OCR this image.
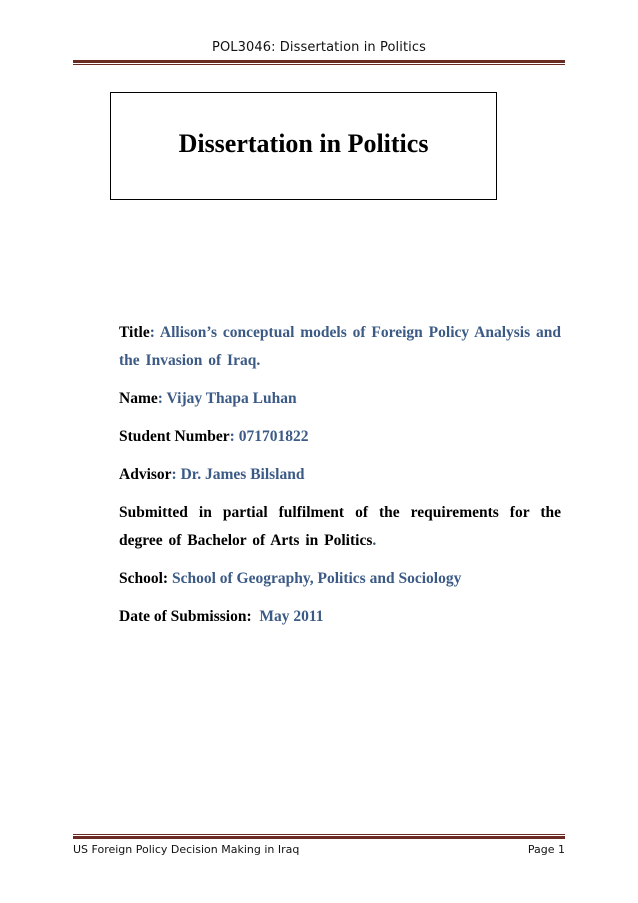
POL3046: Dissertation in Politics
Dissertation in Politics

Title: Allison’s conceptual models of Foreign Policy Analysis and the Invasion of Iraq.

Name: Vijay Thapa Luhan

Student Number: 071701822

Advisor: Dr. James Bilsland

Submitted in partial fulfilment of the requirements for the degree of Bachelor of Arts in Politics.

School: School of Geography, Politics and Sociology

Date of Submission: May 2011

US Foreign Policy Decision Making in Iraq	Page 1
